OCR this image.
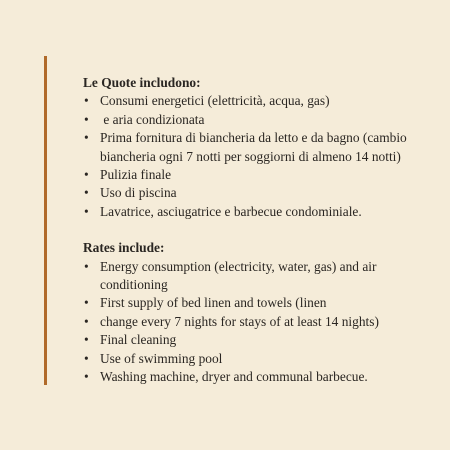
Le Quote includono:

• Consumi energetici (elettricità, acqua, gas)
• e aria condizionata
• Prima fornitura di biancheria da letto e da bagno (cambio biancheria ogni 7 notti per soggiorni di almeno 14 notti)
• Pulizia finale
• Uso di piscina
• Lavatrice, asciugatrice e barbecue condominiale.

Rates include:

• Energy consumption (electricity, water, gas) and air conditioning
• First supply of bed linen and towels (linen
• change every 7 nights for stays of at least 14 nights)
• Final cleaning
• Use of swimming pool
• Washing machine, dryer and communal barbecue.
